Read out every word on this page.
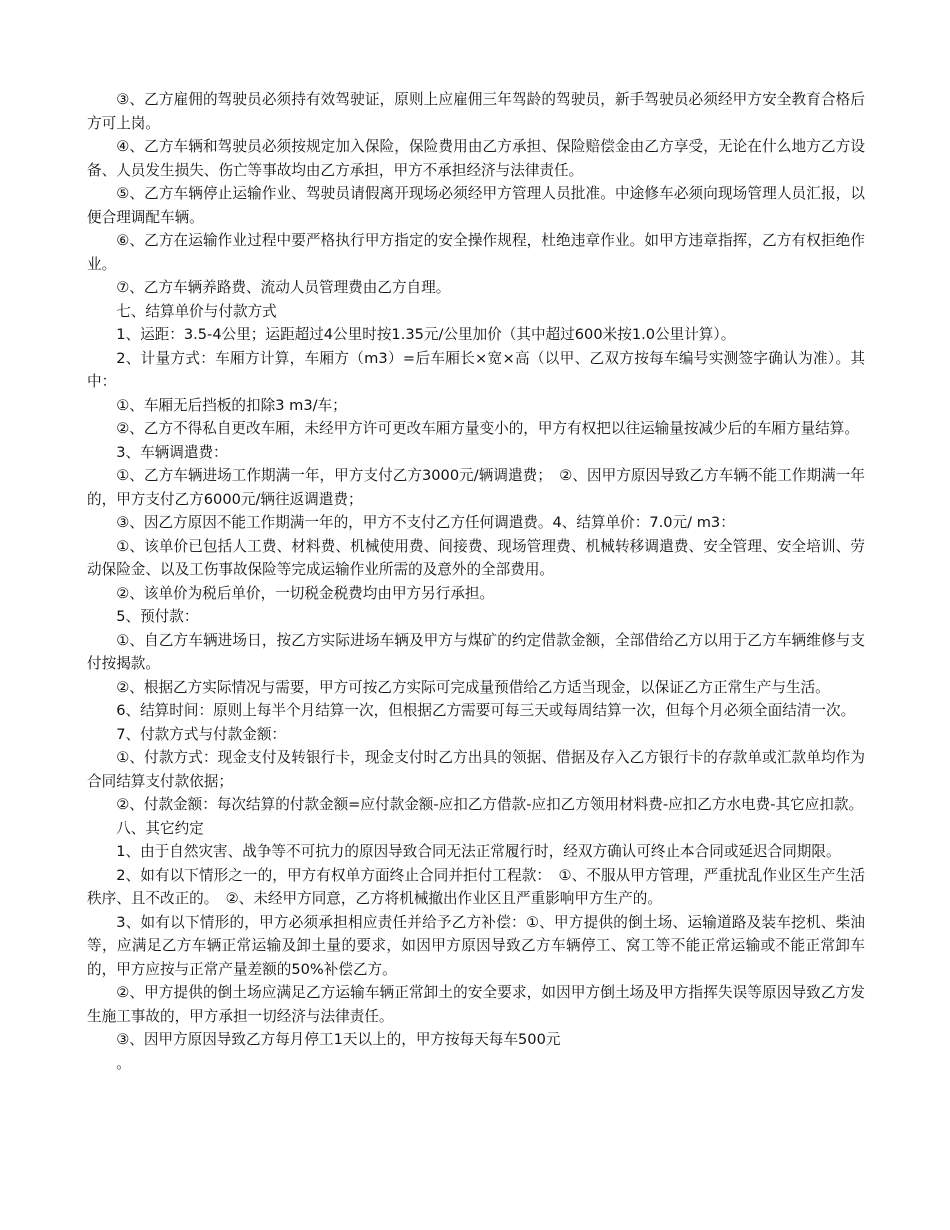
③、乙方雇佣的驾驶员必须持有效驾驶证，原则上应雇佣三年驾龄的驾驶员，新手驾驶员必须经甲方安全教育合格后方可上岗。

④、乙方车辆和驾驶员必须按规定加入保险，保险费用由乙方承担、保险赔偿金由乙方享受，无论在什么地方乙方设备、人员发生损失、伤亡等事故均由乙方承担，甲方不承担经济与法律责任。

⑤、乙方车辆停止运输作业、驾驶员请假离开现场必须经甲方管理人员批准。中途修车必须向现场管理人员汇报，以便合理调配车辆。

⑥、乙方在运输作业过程中要严格执行甲方指定的安全操作规程，杜绝违章作业。如甲方违章指挥，乙方有权拒绝作业。

⑦、乙方车辆养路费、流动人员管理费由乙方自理。

七、结算单价与付款方式

1、运距：3.5-4公里；运距超过4公里时按1.35元/公里加价（其中超过600米按1.0公里计算）。

2、计量方式：车厢方计算，车厢方（m3）=后车厢长×宽×高（以甲、乙双方按每车编号实测签字确认为准）。其中：

①、车厢无后挡板的扣除3 m3/车；

②、乙方不得私自更改车厢，未经甲方许可更改车厢方量变小的，甲方有权把以往运输量按减少后的车厢方量结算。

3、车辆调遣费：

①、乙方车辆进场工作期满一年，甲方支付乙方3000元/辆调遣费；　②、因甲方原因导致乙方车辆不能工作期满一年的，甲方支付乙方6000元/辆往返调遣费；

③、因乙方原因不能工作期满一年的，甲方不支付乙方任何调遣费。4、结算单价：7.0元/ m3：

①、该单价已包括人工费、材料费、机械使用费、间接费、现场管理费、机械转移调遣费、安全管理、安全培训、劳动保险金、以及工伤事故保险等完成运输作业所需的及意外的全部费用。

②、该单价为税后单价，一切税金税费均由甲方另行承担。

5、预付款：

①、自乙方车辆进场日，按乙方实际进场车辆及甲方与煤矿的约定借款金额，全部借给乙方以用于乙方车辆维修与支付按揭款。

②、根据乙方实际情况与需要，甲方可按乙方实际可完成量预借给乙方适当现金，以保证乙方正常生产与生活。

6、结算时间：原则上每半个月结算一次，但根据乙方需要可每三天或每周结算一次，但每个月必须全面结清一次。

7、付款方式与付款金额：

①、付款方式：现金支付及转银行卡，现金支付时乙方出具的领据、借据及存入乙方银行卡的存款单或汇款单均作为合同结算支付款依据；

②、付款金额：每次结算的付款金额=应付款金额-应扣乙方借款-应扣乙方领用材料费-应扣乙方水电费-其它应扣款。

八、其它约定

1、由于自然灾害、战争等不可抗力的原因导致合同无法正常履行时，经双方确认可终止本合同或延迟合同期限。

2、如有以下情形之一的，甲方有权单方面终止合同并拒付工程款：　①、不服从甲方管理，严重扰乱作业区生产生活秩序、且不改正的。　②、未经甲方同意，乙方将机械撤出作业区且严重影响甲方生产的。

3、如有以下情形的，甲方必须承担相应责任并给予乙方补偿：①、甲方提供的倒土场、运输道路及装车挖机、柴油等，应满足乙方车辆正常运输及卸土量的要求，如因甲方原因导致乙方车辆停工、窝工等不能正常运输或不能正常卸车的，甲方应按与正常产量差额的50%补偿乙方。

②、甲方提供的倒土场应满足乙方运输车辆正常卸土的安全要求，如因甲方倒土场及甲方指挥失误等原因导致乙方发生施工事故的，甲方承担一切经济与法律责任。

③、因甲方原因导致乙方每月停工1天以上的，甲方按每天每车500元

。
